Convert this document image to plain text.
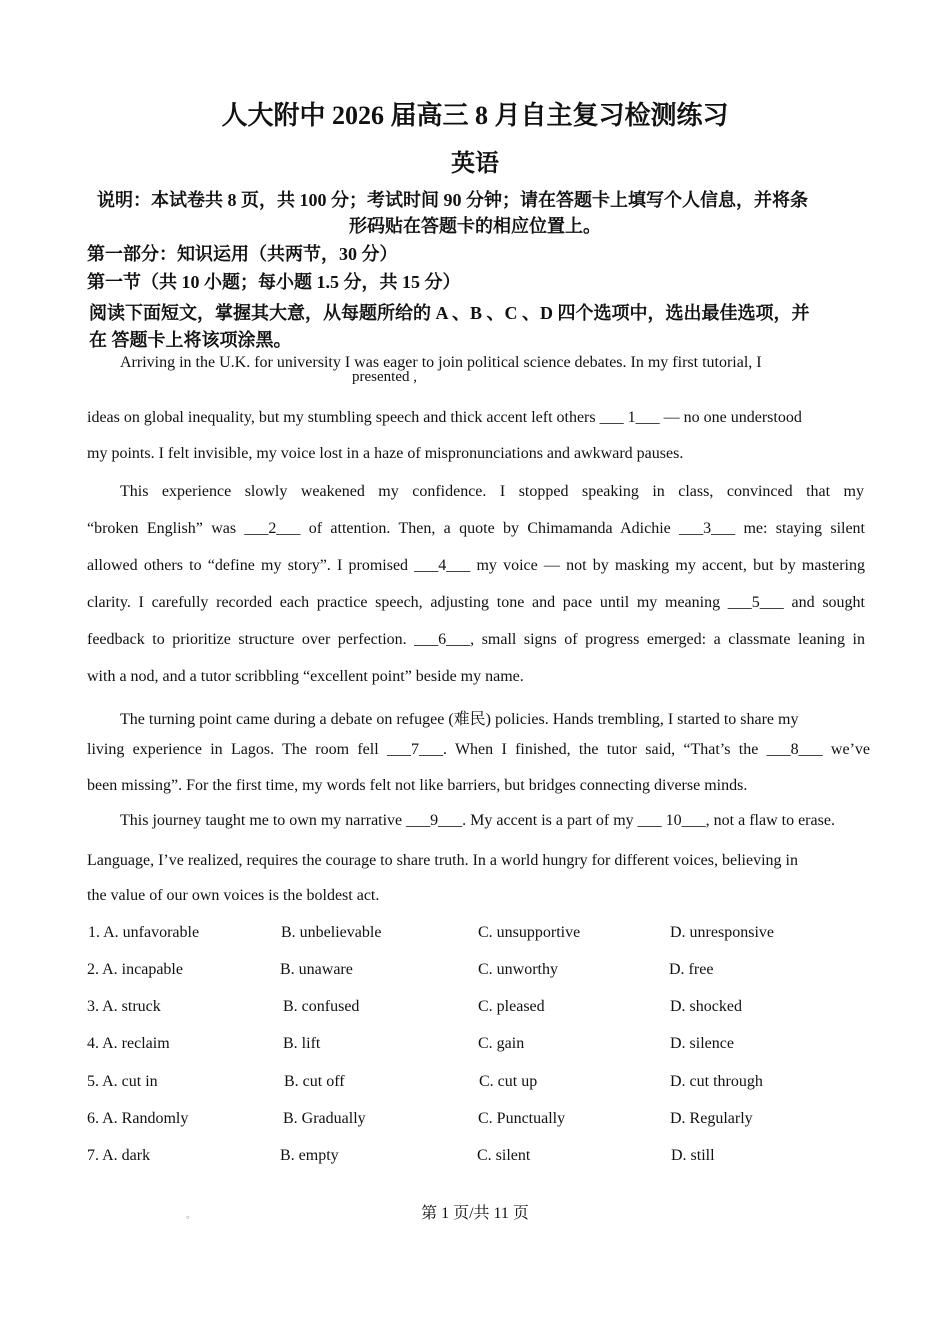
人大附中 2026 届高三 8 月自主复习检测练习
英语
说明：本试卷共 8 页，共 100 分；考试时间 90 分钟；请在答题卡上填写个人信息，并将条
形码贴在答题卡的相应位置上。
第一部分：知识运用（共两节，30 分）
第一节（共 10 小题；每小题 1.5 分，共 15 分）
阅读下面短文，掌握其大意，从每题所给的 A 、B 、C 、D 四个选项中，选出最佳选项，并
在 答题卡上将该项涂黑。
Arriving in the U.K. for university I was eager to join political science debates. In my first tutorial, I
presented ,
ideas on global inequality, but my stumbling speech and thick accent left others ___ 1___ — no one understood
my points. I felt invisible, my voice lost in a haze of mispronunciations and awkward pauses.
This experience slowly weakened my confidence. I stopped speaking in class, convinced that my
“broken English” was ___2___ of attention. Then, a quote by Chimamanda Adichie ___3___ me: staying silent
allowed others to “define my story”. I promised ___4___ my voice — not by masking my accent, but by mastering
clarity. I carefully recorded each practice speech, adjusting tone and pace until my meaning ___5___ and sought
feedback to prioritize structure over perfection. ___6___, small signs of progress emerged: a classmate leaning in
with a nod, and a tutor scribbling “excellent point” beside my name.
The turning point came during a debate on refugee (难民) policies. Hands trembling, I started to share my
living experience in Lagos. The room fell ___7___. When I finished, the tutor said, “That’s the ___8___ we’ve
been missing”. For the first time, my words felt not like barriers, but bridges connecting diverse minds.
This journey taught me to own my narrative ___9___. My accent is a part of my ___ 10___, not a flaw to erase.
Language, I’ve realized, requires the courage to share truth. In a world hungry for different voices, believing in
the value of our own voices is the boldest act.
1. A. unfavorable	B. unbelievable	C. unsupportive	D. unresponsive
2. A. incapable	B. unaware	C. unworthy	D. free
3. A. struck	B. confused	C. pleased	D. shocked
4. A. reclaim	B. lift	C. gain	D. silence
5. A. cut in	B. cut off	C. cut up	D. cut through
6. A. Randomly	B. Gradually	C. Punctually	D. Regularly
7. A. dark	B. empty	C. silent	D. still
。	第 1 页/共 11 页
